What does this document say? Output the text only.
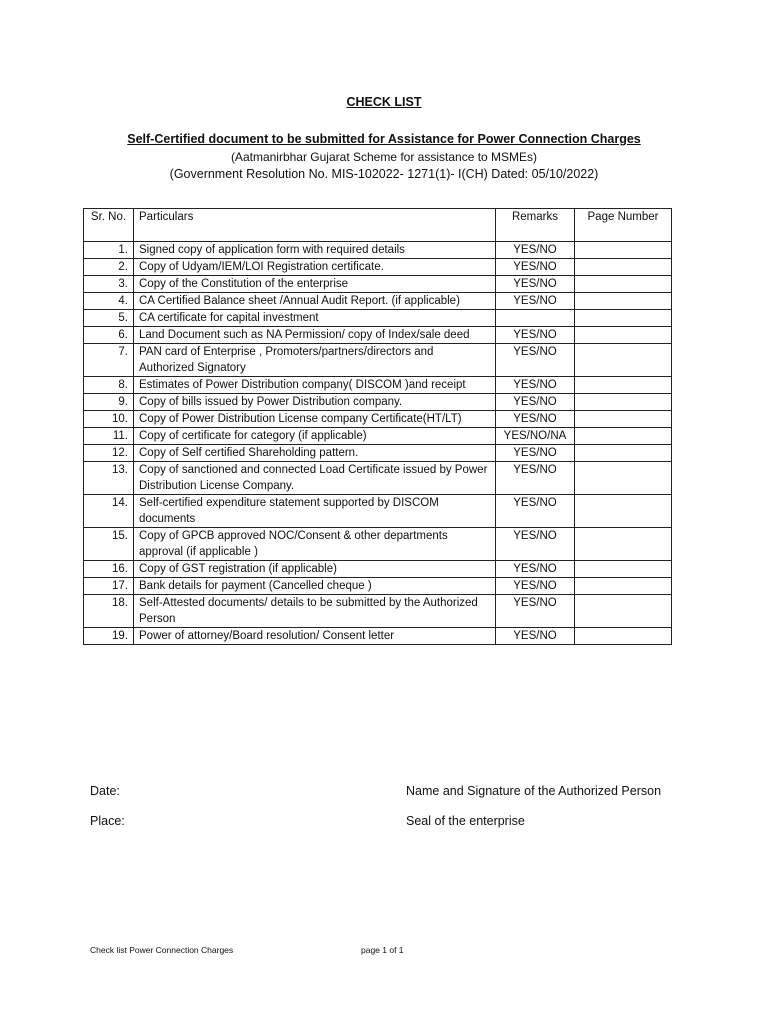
CHECK LIST
Self-Certified document to be submitted for Assistance for Power Connection Charges
(Aatmanirbhar Gujarat Scheme for assistance to MSMEs)
(Government Resolution No. MIS-102022- 1271(1)- I(CH) Dated: 05/10/2022)
Sr. No.	Particulars	Remarks	Page Number
1.	Signed copy of application form with required details	YES/NO	
2.	Copy of Udyam/IEM/LOI Registration certificate.	YES/NO	
3.	Copy of the Constitution of the enterprise	YES/NO	
4.	CA Certified Balance sheet /Annual Audit Report. (if applicable)	YES/NO	
5.	CA certificate for capital investment		
6.	Land Document such as NA Permission/ copy of Index/sale deed	YES/NO	
7.	PAN card of Enterprise , Promoters/partners/directors and Authorized Signatory	YES/NO	
8.	Estimates of Power Distribution company( DISCOM )and receipt	YES/NO	
9.	Copy of bills issued by Power Distribution company.	YES/NO	
10.	Copy of Power Distribution License company Certificate(HT/LT)	YES/NO	
11.	Copy of certificate for category (if applicable)	YES/NO/NA	
12.	Copy of Self certified Shareholding pattern.	YES/NO	
13.	Copy of sanctioned and connected Load Certificate issued by Power Distribution License Company.	YES/NO	
14.	Self-certified expenditure statement supported by DISCOM documents	YES/NO	
15.	Copy of GPCB approved NOC/Consent & other departments approval (if applicable )	YES/NO	
16.	Copy of GST registration (if applicable)	YES/NO	
17.	Bank details for payment (Cancelled cheque )	YES/NO	
18.	Self-Attested documents/ details to be submitted by the Authorized Person	YES/NO	
19.	Power of attorney/Board resolution/ Consent letter	YES/NO	
Date:
Place:
Name and Signature of the Authorized Person
Seal of the enterprise
Check list Power Connection Charges	page 1 of 1
